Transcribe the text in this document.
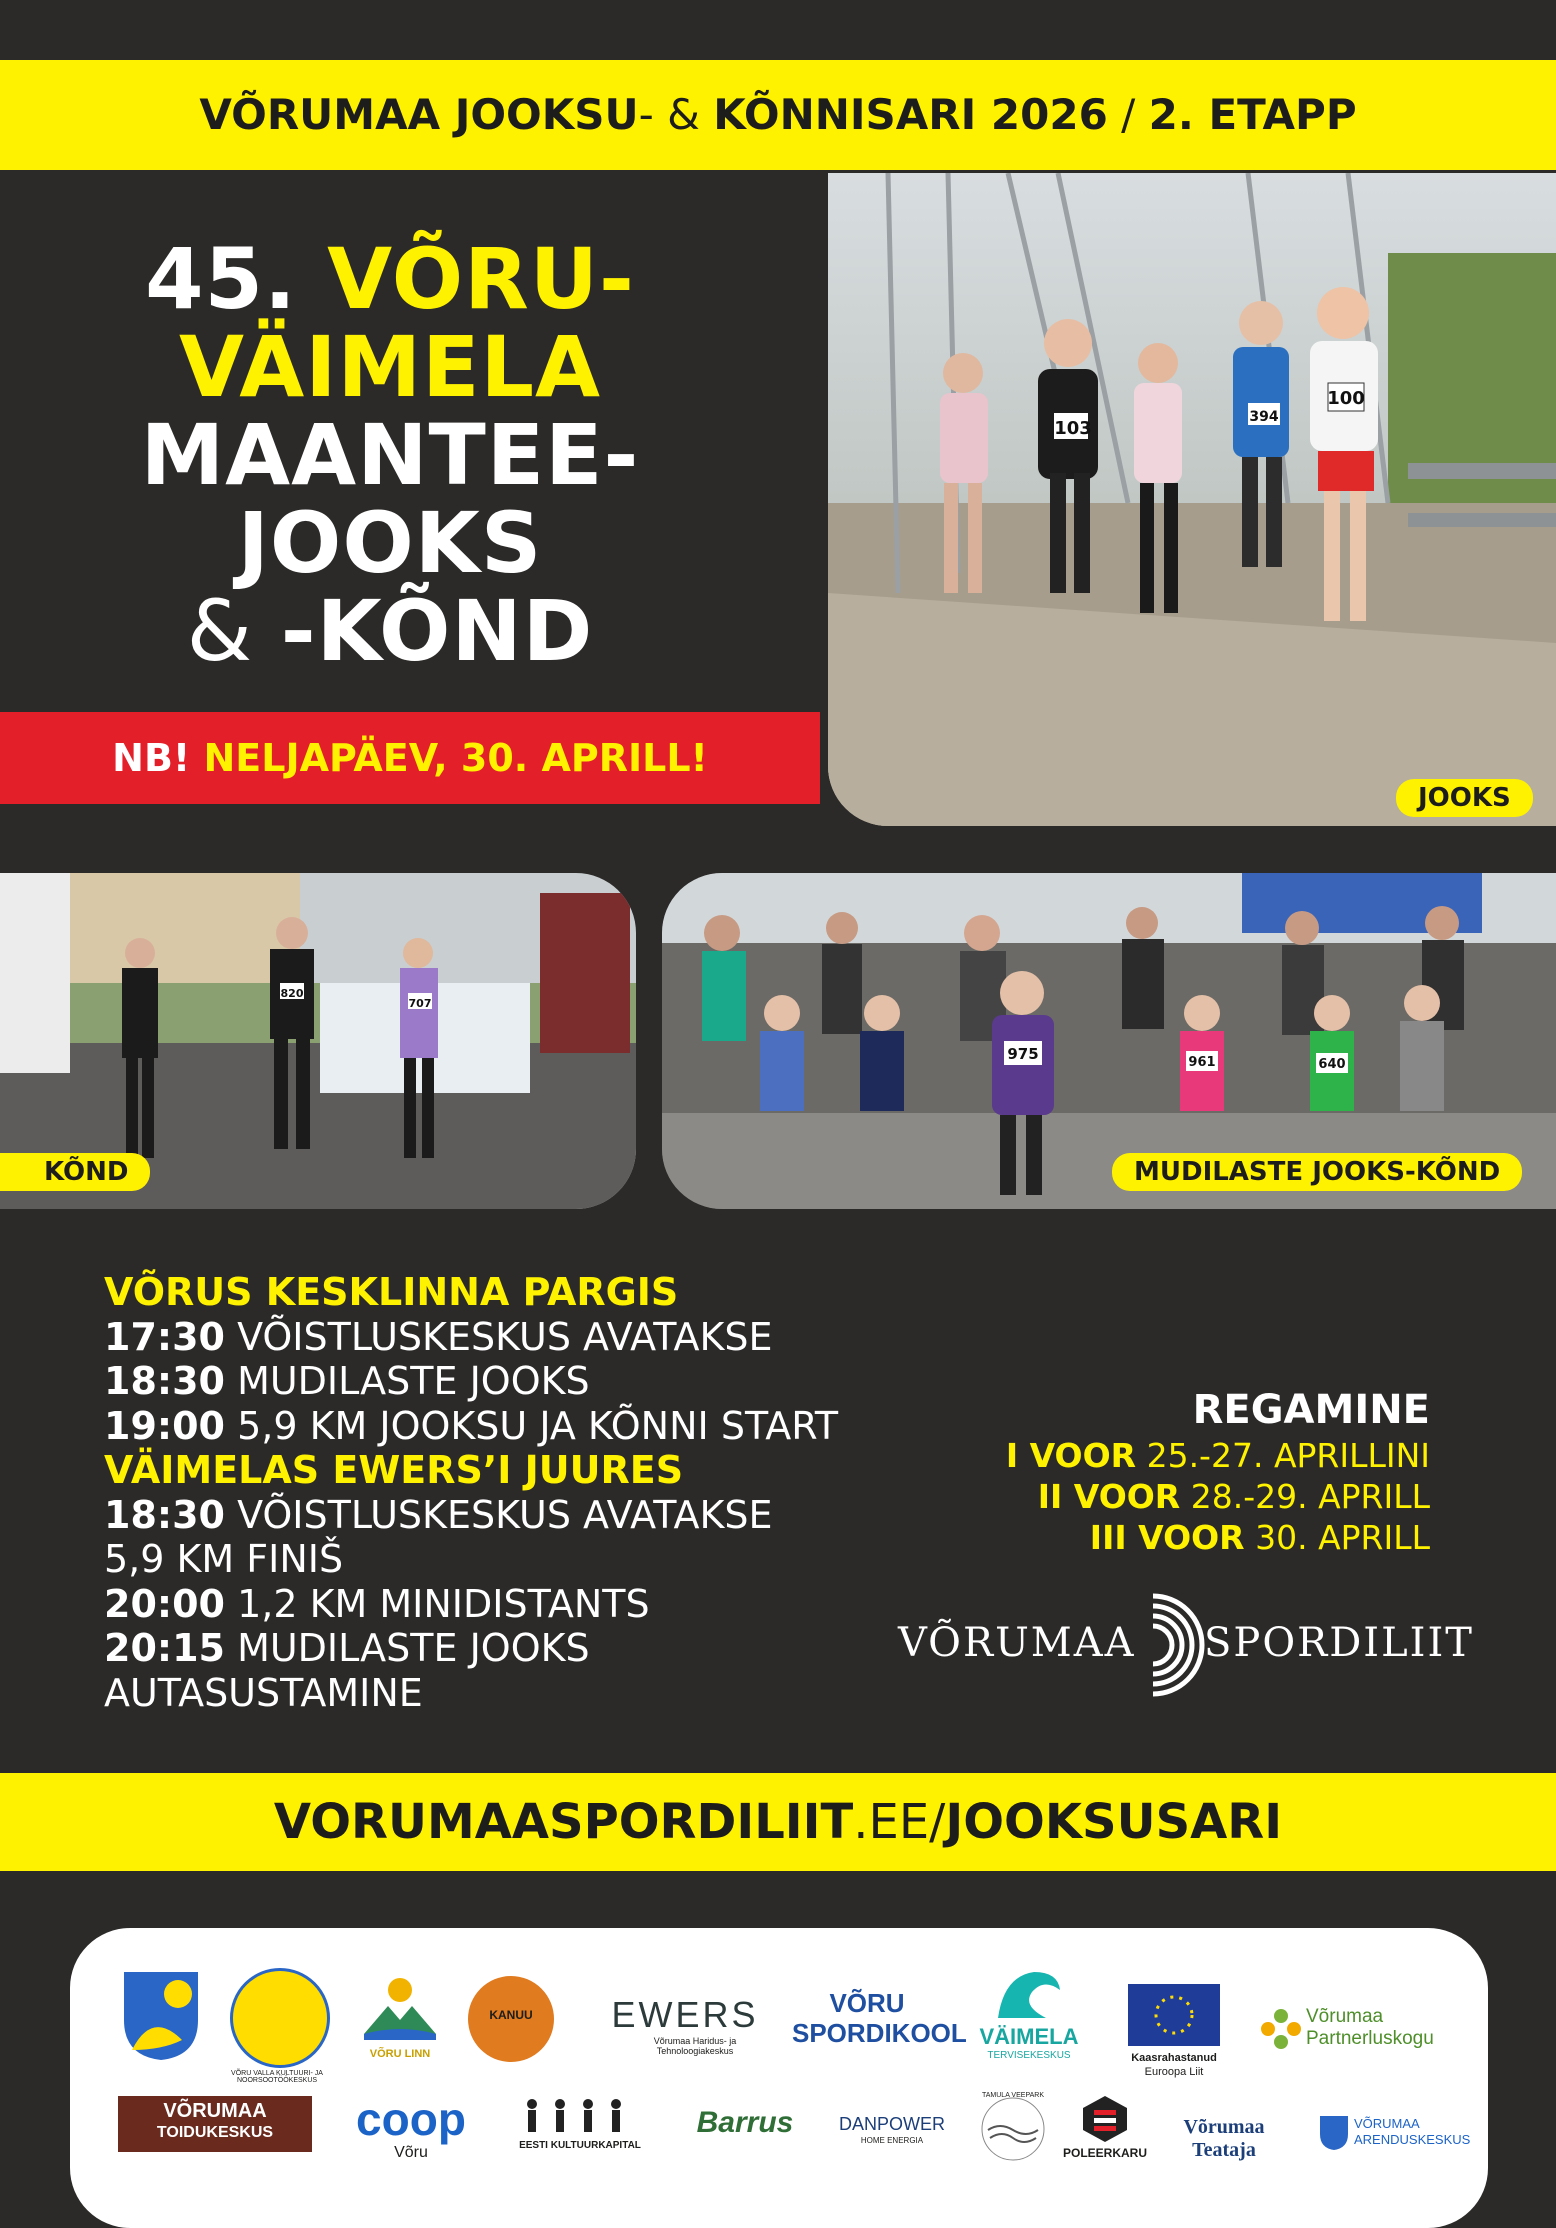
VÕRUMAA JOOKSU- & KÕNNISARI 2026 / 2. ETAPP
45. VÕRU-
VÄIMELA
MAANTEE-
JOOKS
& -KÕND
NB! NELJAPÄEV, 30. APRILL!
103
100
394
JOOKS
820
707
KÕND
975	961	640
MUDILASTE JOOKS-KÕND
VÕRUS KESKLINNA PARGIS
17:30 VÕISTLUSKESKUS AVATAKSE
18:30 MUDILASTE JOOKS
19:00 5,9 KM JOOKSU JA KÕNNI START
VÄIMELAS EWERS’I JUURES
18:30 VÕISTLUSKESKUS AVATAKSE
5,9 KM FINIŠ
20:00 1,2 KM MINIDISTANTS
20:15 MUDILASTE JOOKS
AUTASUSTAMINE
REGAMINE
I VOOR 25.-27. APRILLINI
II VOOR 28.-29. APRILL
III VOOR 30. APRILL
VÕRUMAA SPORDILIIT
VORUMAASPORDILIIT.EE/JOOKSUSARI
VÕRU VALLA KULTUURI- JA NOORSOOTÖÖKESKUS
VÕRU LINN
KANUU	EWERS
Võrumaa Haridus- ja Tehnoloogiakeskus
VÕRU
SPORDIKOOL VÄIMELA
TERVISEKESKUS	Kaasrahastanud
Euroopa Liit
Võrumaa
Partnerluskogu
VÕRUMAA
TOIDUKESKUS	coop
Võru	EESTI KULTUURKAPITAL
Barrus	DANPOWER
HOME ENERGIA
TAMULA VEEPARK
POLEERKARU
Võrumaa Teataja
VÕRUMAA
ARENDUSKESKUS
